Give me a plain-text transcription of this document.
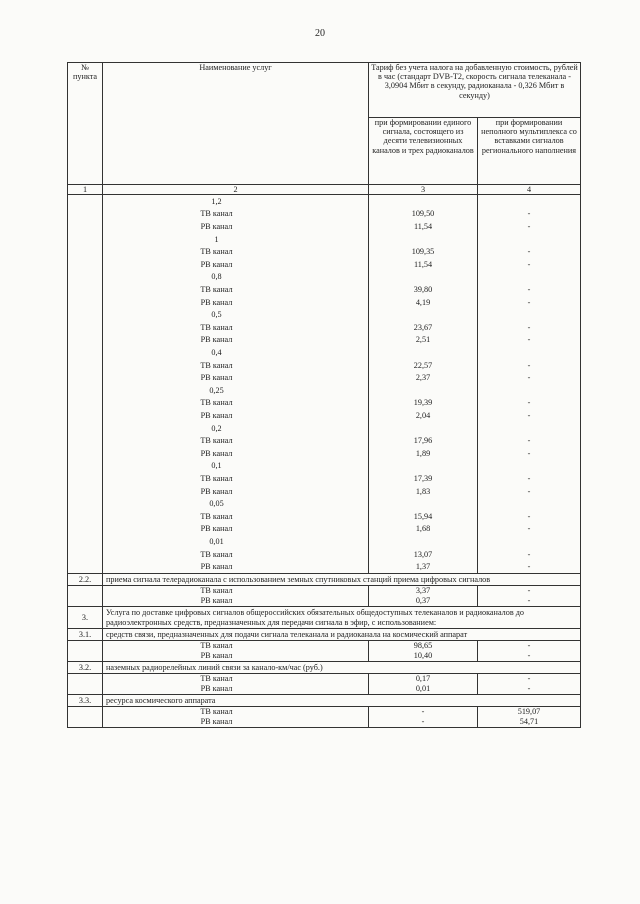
20
№ пункта	Наименование услуг	Тариф без учета налога на добавленную стоимость, рублей в час (стандарт DVB-T2, скорость сигнала телеканала - 3,0904 Мбит в секунду, радиоканала - 0,326 Мбит в секунду)	
		при формировании единого сигнала, состоящего из десяти телевизионных каналов и трех радиоканалов	при формировании неполного мультиплекса со вставками сигналов регионального наполнения
1	2	3	4
	1,2		
	ТВ канал	109,50	-
	РВ канал	11,54	-
	1		
	ТВ канал	109,35	-
	РВ канал	11,54	-
	0,8		
	ТВ канал	39,80	-
	РВ канал	4,19	-
	0,5		
	ТВ канал	23,67	-
	РВ канал	2,51	-
	0,4		
	ТВ канал	22,57	-
	РВ канал	2,37	-
	0,25		
	ТВ канал	19,39	-
	РВ канал	2,04	-
	0,2		
	ТВ канал	17,96	-
	РВ канал	1,89	-
	0,1		
	ТВ канал	17,39	-
	РВ канал	1,83	-
	0,05		
	ТВ канал	15,94	-
	РВ канал	1,68	-
	0,01		
	ТВ канал	13,07	-
	РВ канал	1,37	-
2.2.	приема сигнала телерадиоканала с использованием земных спутниковых станций приема цифровых сигналов		
	ТВ канал	3,37	-
	РВ канал	0,37	-
3.	Услуга по доставке цифровых сигналов общероссийских обязательных общедоступных телеканалов и радиоканалов до радиоэлектронных средств, предназначенных для передачи сигнала в эфир, с использованием:		
3.1.	средств связи, предназначенных для подачи сигнала телеканала и радиоканала на космический аппарат		
	ТВ канал	98,65	-
	РВ канал	10,40	-
3.2.	наземных радиорелейных линий связи за канало-км/час (руб.)		
	ТВ канал	0,17	-
	РВ канал	0,01	-
3.3.	ресурса космического аппарата		
	ТВ канал	-	519,07
	РВ канал	-	54,71
